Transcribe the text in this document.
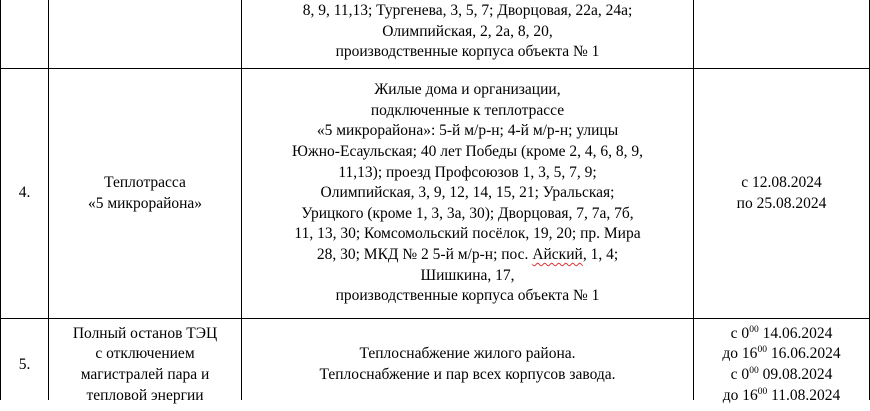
8, 9, 11,13; Тургенева, 3, 5, 7; Дворцовая, 22а, 24а;
Олимпийская, 2, 2а, 8, 20,
производственные корпуса объекта № 1
4.
Теплотрасса
«5 микрорайона»
Жилые дома и организации,
подключенные к теплотрассе
«5 микрорайона»: 5-й м/р-н; 4-й м/р-н; улицы
Южно-Есаульская; 40 лет Победы (кроме 2, 4, 6, 8, 9,
11,13); проезд Профсоюзов 1, 3, 5, 7, 9;
Олимпийская, 3, 9, 12, 14, 15, 21; Уральская;
Урицкого (кроме 1, 3, 3а, 30); Дворцовая, 7, 7а, 7б,
11, 13, 30; Комсомольский посёлок, 19, 20; пр. Мира
28, 30; МКД № 2 5-й м/р-н; пос. Айский, 1, 4;
Шишкина, 17,
производственные корпуса объекта № 1
с 12.08.2024
по 25.08.2024
5.
Полный останов ТЭЦ
с отключением
магистралей пара и
тепловой энергии
Теплоснабжение жилого района.
Теплоснабжение и пар всех корпусов завода.
с $0^{00}$ 14.06.2024
до $16^{00}$ 16.06.2024
с $0^{00}$ 09.08.2024
до $16^{00}$ 11.08.2024
